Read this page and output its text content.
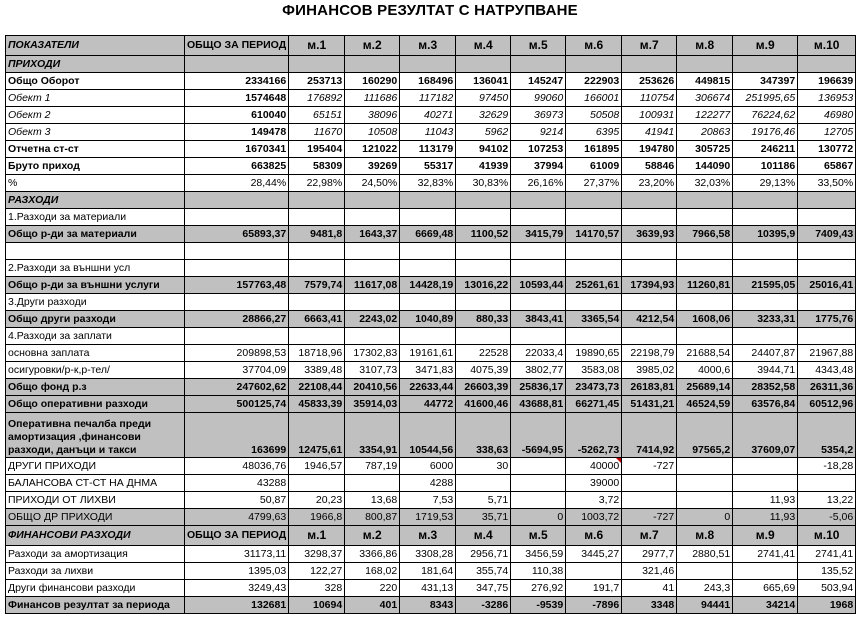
ФИНАНСОВ РЕЗУЛТАТ С НАТРУПВАНЕ
ПОКАЗАТЕЛИ	ОБЩО ЗА ПЕРИОД	м.1	м.2	м.3	м.4	м.5	м.6	м.7	м.8	м.9	м.10
ПРИХОДИ											
Общо Оборот	2334166	253713	160290	168496	136041	145247	222903	253626	449815	347397	196639
Обект 1	1574648	176892	111686	117182	97450	99060	166001	110754	306674	251995,65	136953
Обект 2	610040	65151	38096	40271	32629	36973	50508	100931	122277	76224,62	46980
Обект 3	149478	11670	10508	11043	5962	9214	6395	41941	20863	19176,46	12705
Отчетна ст-ст	1670341	195404	121022	113179	94102	107253	161895	194780	305725	246211	130772
Бруто приход	663825	58309	39269	55317	41939	37994	61009	58846	144090	101186	65867
%	28,44%	22,98%	24,50%	32,83%	30,83%	26,16%	27,37%	23,20%	32,03%	29,13%	33,50%
РАЗХОДИ											
1.Разходи за материали											
Общо р-ди за материали	65893,37	9481,8	1643,37	6669,48	1100,52	3415,79	14170,57	3639,93	7966,58	10395,9	7409,43

2.Разходи за външни усл											
Общо р-ди за външни услуги	157763,48	7579,74	11617,08	14428,19	13016,22	10593,44	25261,61	17394,93	11260,81	21595,05	25016,41
3.Други разходи											
Общо други разходи	28866,27	6663,41	2243,02	1040,89	880,33	3843,41	3365,54	4212,54	1608,06	3233,31	1775,76
4.Разходи за заплати											
основна заплата	209898,53	18718,96	17302,83	19161,61	22528	22033,4	19890,65	22198,79	21688,54	24407,87	21967,88
осигуровки/р-к,р-тел/	37704,09	3389,48	3107,73	3471,83	4075,39	3802,77	3583,08	3985,02	4000,6	3944,71	4343,48
Общо фонд р.з	247602,62	22108,44	20410,56	22633,44	26603,39	25836,17	23473,73	26183,81	25689,14	28352,58	26311,36
Общо оперативни разходи	500125,74	45833,39	35914,03	44772	41600,46	43688,81	66271,45	51431,21	46524,59	63576,84	60512,96
Оперативна печалба преди амортизация ,финансови разходи, данъци и такси	163699	12475,61	3354,91	10544,56	338,63	-5694,95	-5262,73	7414,92	97565,2	37609,07	5354,2
ДРУГИ ПРИХОДИ	48036,76	1946,57	787,19	6000	30		40000	-727			-18,28
БАЛАНСОВА СТ-СТ НА ДНМА	43288			4288			39000				
ПРИХОДИ ОТ ЛИХВИ	50,87	20,23	13,68	7,53	5,71		3,72			11,93	13,22
ОБЩО ДР ПРИХОДИ	4799,63	1966,8	800,87	1719,53	35,71	0	1003,72	-727	0	11,93	-5,06
ФИНАНСОВИ РАЗХОДИ	ОБЩО ЗА ПЕРИОД	м.1	м.2	м.3	м.4	м.5	м.6	м.7	м.8	м.9	м.10
Разходи за амортизация	31173,11	3298,37	3366,86	3308,28	2956,71	3456,59	3445,27	2977,7	2880,51	2741,41	2741,41
Разходи за лихви	1395,03	122,27	168,02	181,64	355,74	110,38		321,46			135,52
Други финансови разходи	3249,43	328	220	431,13	347,75	276,92	191,7	41	243,3	665,69	503,94
Финансов резултат за периода	132681	10694	401	8343	-3286	-9539	-7896	3348	94441	34214	1968
